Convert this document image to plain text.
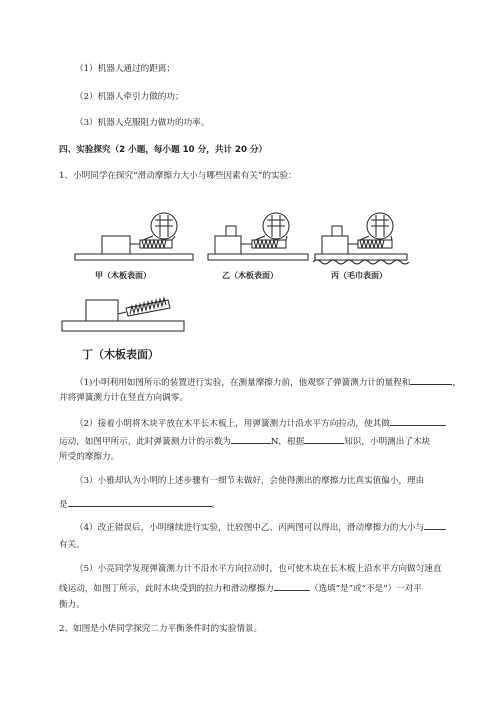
（1）机器人通过的距离；
（2）机器人牵引力做的功；
（3）机器人克服阻力做功的功率。
四、实验探究（2 小题，每小题 10 分，共计 20 分）
1、小明同学在探究“滑动摩擦力大小与哪些因素有关”的实验：
甲（木板表面）	乙（木板表面）	丙（毛巾表面）
丁（木板表面）
（1)小明利用如图所示的装置进行实验，在测量摩擦力前，他观察了弹簧测力计的量程和	，
并将弹簧测力计在竖直方向调零。
（2）接着小明将木块平放在木平长木板上，用弹簧测力计沿水平方向拉动，使其做
运动，如图甲所示，此时弹簧测力计的示数为	N，根据	知识，小明测出了木块
所受的摩擦力。
（3）小雅却认为小明的上述步骤有一细节未做好，会使得测出的摩擦力比真实值偏小，理由
是	。
（4）改正错误后，小明继续进行实验，比较图中乙、丙两图可以得出，滑动摩擦力的大小与
有关。
（5）小亮同学发现弹簧测力计不沿水平方向拉动时，也可使木块在长木板上沿水平方向做匀速直
线运动，如图丁所示，此时木块受到的拉力和滑动摩擦力	（选填“是”或“不是”）一对平
衡力。
2、如图是小华同学探究二力平衡条件时的实验情景。
